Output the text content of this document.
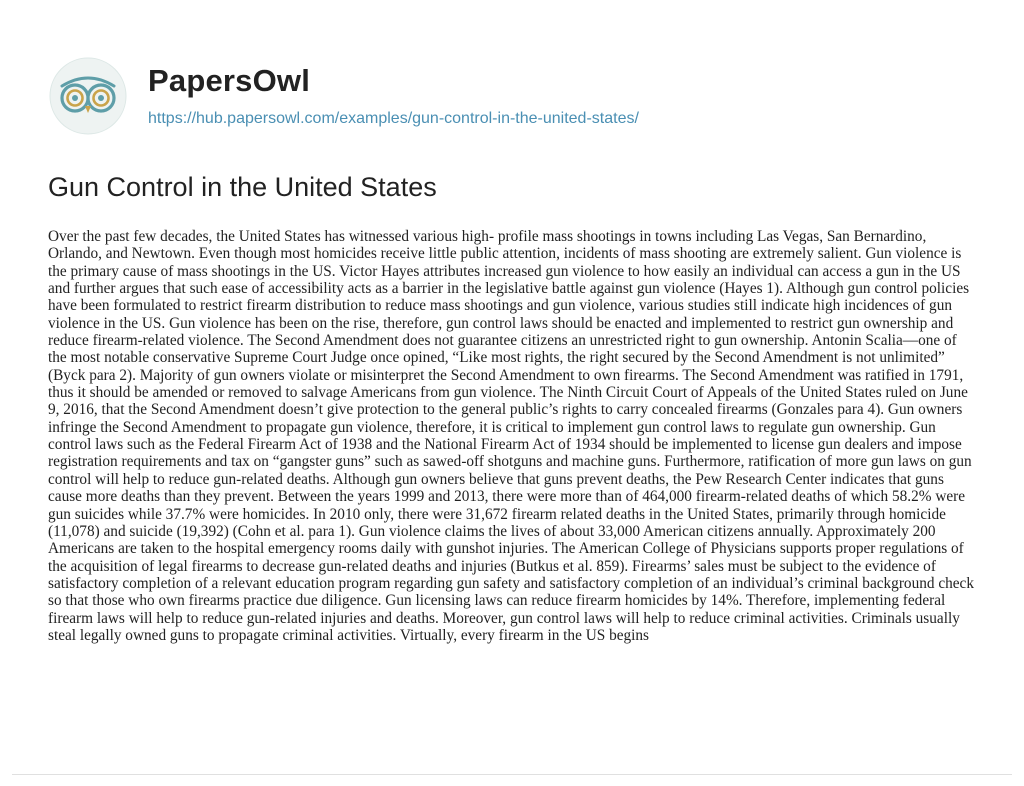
PapersOwl
https://hub.papersowl.com/examples/gun-control-in-the-united-states/
Gun Control in the United States

Over the past few decades, the United States has witnessed various high- profile mass shootings in towns including Las Vegas, San Bernardino, Orlando, and Newtown. Even though most homicides receive little public attention, incidents of mass shooting are extremely salient. Gun violence is the primary cause of mass shootings in the US. Victor Hayes attributes increased gun violence to how easily an individual can access a gun in the US and further argues that such ease of accessibility acts as a barrier in the legislative battle against gun violence (Hayes 1). Although gun control policies have been formulated to restrict firearm distribution to reduce mass shootings and gun violence, various studies still indicate high incidences of gun violence in the US. Gun violence has been on the rise, therefore, gun control laws should be enacted and implemented to restrict gun ownership and reduce firearm-related violence. The Second Amendment does not guarantee citizens an unrestricted right to gun ownership. Antonin Scalia—one of the most notable conservative Supreme Court Judge once opined, “Like most rights, the right secured by the Second Amendment is not unlimited” (Byck para 2). Majority of gun owners violate or misinterpret the Second Amendment to own firearms. The Second Amendment was ratified in 1791, thus it should be amended or removed to salvage Americans from gun violence. The Ninth Circuit Court of Appeals of the United States ruled on June 9, 2016, that the Second Amendment doesn’t give protection to the general public’s rights to carry concealed firearms (Gonzales para 4). Gun owners infringe the Second Amendment to propagate gun violence, therefore, it is critical to implement gun control laws to regulate gun ownership. Gun control laws such as the Federal Firearm Act of 1938 and the National Firearm Act of 1934 should be implemented to license gun dealers and impose registration requirements and tax on “gangster guns” such as sawed-off shotguns and machine guns. Furthermore, ratification of more gun laws on gun control will help to reduce gun-related deaths. Although gun owners believe that guns prevent deaths, the Pew Research Center indicates that guns cause more deaths than they prevent. Between the years 1999 and 2013, there were more than of 464,000 firearm-related deaths of which 58.2% were gun suicides while 37.7% were homicides. In 2010 only, there were 31,672 firearm related deaths in the United States, primarily through homicide (11,078) and suicide (19,392) (Cohn et al. para 1). Gun violence claims the lives of about 33,000 American citizens annually. Approximately 200 Americans are taken to the hospital emergency rooms daily with gunshot injuries. The American College of Physicians supports proper regulations of the acquisition of legal firearms to decrease gun-related deaths and injuries (Butkus et al. 859). Firearms’ sales must be subject to the evidence of satisfactory completion of a relevant education program regarding gun safety and satisfactory completion of an individual’s criminal background check so that those who own firearms practice due diligence. Gun licensing laws can reduce firearm homicides by 14%. Therefore, implementing federal firearm laws will help to reduce gun-related injuries and deaths. Moreover, gun control laws will help to reduce criminal activities. Criminals usually steal legally owned guns to propagate criminal activities. Virtually, every firearm in the US begins
